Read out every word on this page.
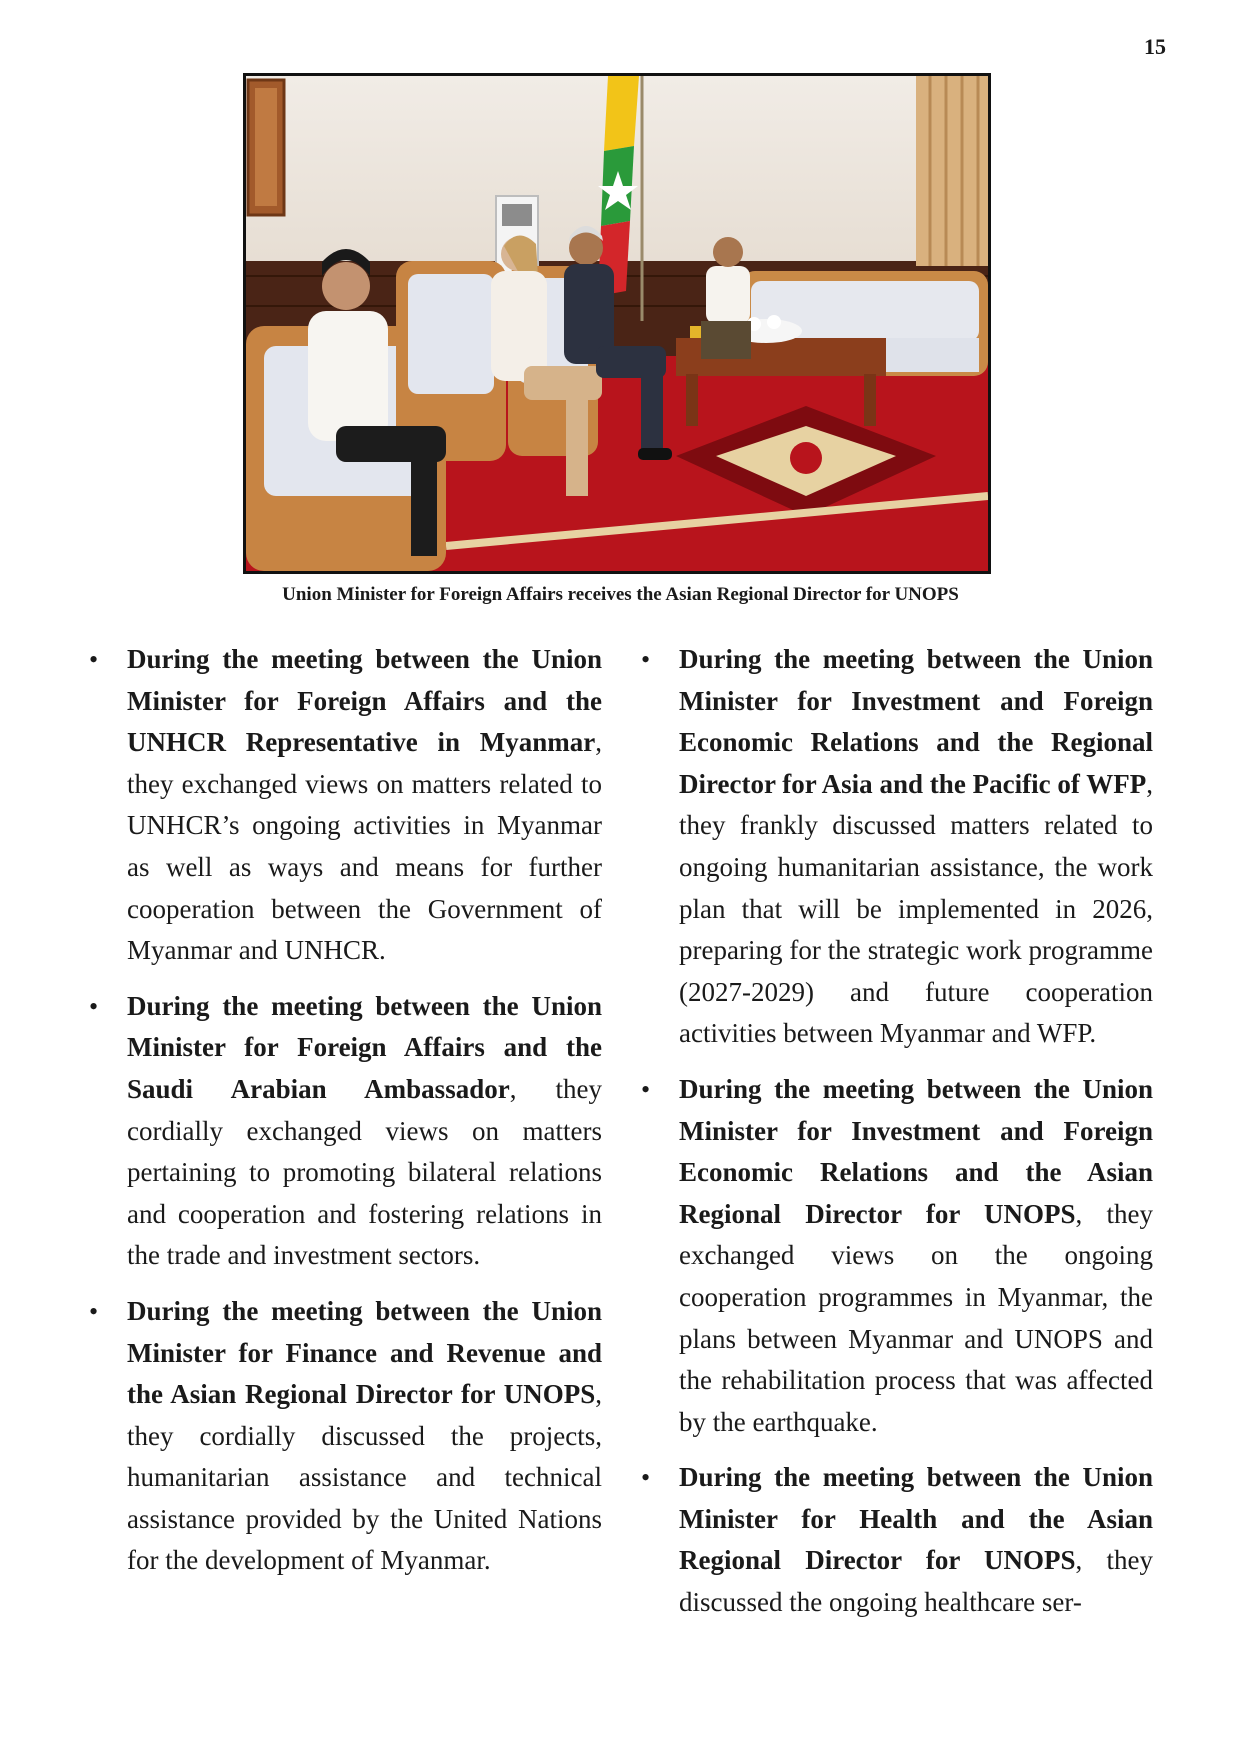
15
Union Minister for Foreign Affairs receives the Asian Regional Director for UNOPS
• During the meeting between the Union Minister for Foreign Affairs and the UNHCR Representative in Myanmar, they exchanged views on matters related to UNHCR’s ongoing activities in Myanmar as well as ways and means for further cooperation between the Government of Myanmar and UNHCR.
• During the meeting between the Union Minister for Foreign Affairs and the Saudi Arabian Ambassador, they cordially exchanged views on matters pertaining to promoting bilateral relations and cooperation and fostering relations in the trade and investment sectors.
• During the meeting between the Union Minister for Finance and Revenue and the Asian Regional Director for UNOPS, they cordially discussed the projects, humanitarian assistance and technical assistance provided by the United Nations for the development of Myanmar.
• During the meeting between the Union Minister for Investment and Foreign Economic Relations and the Regional Director for Asia and the Pacific of WFP, they frankly discussed matters related to ongoing humanitarian assistance, the work plan that will be implemented in 2026, preparing for the strategic work programme (2027-2029) and future cooperation activities between Myanmar and WFP.
• During the meeting between the Union Minister for Investment and Foreign Economic Relations and the Asian Regional Director for UNOPS, they exchanged views on the ongoing cooperation programmes in Myanmar, the plans between Myanmar and UNOPS and the rehabilitation process that was affected by the earthquake.
• During the meeting between the Union Minister for Health and the Asian Regional Director for UNOPS, they discussed the ongoing healthcare ser-
